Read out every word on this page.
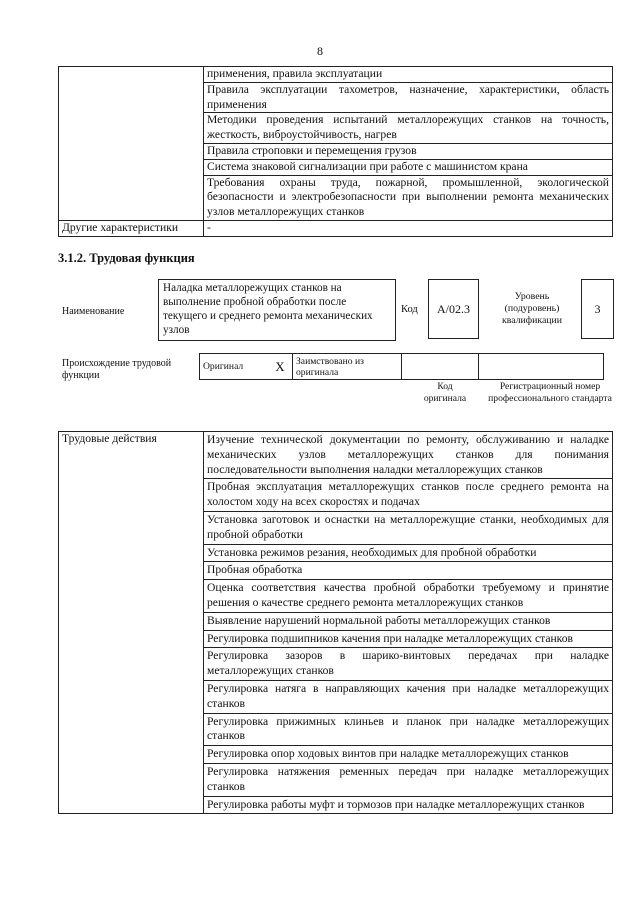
8
	применения, правила эксплуатации
	Правила эксплуатации тахометров, назначение, характеристики, область применения
	Методики проведения испытаний металлорежущих станков на точность, жесткость, виброустойчивость, нагрев
	Правила строповки и перемещения грузов
	Система знаковой сигнализации при работе с машинистом крана
	Требования охраны труда, пожарной, промышленной, экологической безопасности и электробезопасности при выполнении ремонта механических узлов металлорежущих станков
Другие характеристики	-
3.1.2. Трудовая функция
Наименование
Наладка металлорежущих станков на выполнение пробной обработки после текущего и среднего ремонта механических узлов
Код	A/02.3
Уровень (подуровень) квалификации
3
Происхождение трудовой функции
Оригинал	X	Заимствовано из оригинала		
Код оригинала
Регистрационный номер профессионального стандарта
Трудовые действия	Изучение технической документации по ремонту, обслуживанию и наладке механических узлов металлорежущих станков для понимания последовательности выполнения наладки металлорежущих станков
Пробная эксплуатация металлорежущих станков после среднего ремонта на холостом ходу на всех скоростях и подачах
Установка заготовок и оснастки на металлорежущие станки, необходимых для пробной обработки
Установка режимов резания, необходимых для пробной обработки
Пробная обработка
Оценка соответствия качества пробной обработки требуемому и принятие решения о качестве среднего ремонта металлорежущих станков
Выявление нарушений нормальной работы металлорежущих станков
Регулировка подшипников качения при наладке металлорежущих станков
Регулировка зазоров в шарико-винтовых передачах при наладке металлорежущих станков
Регулировка натяга в направляющих качения при наладке металлорежущих станков
Регулировка прижимных клиньев и планок при наладке металлорежущих станков
Регулировка опор ходовых винтов при наладке металлорежущих станков
Регулировка натяжения ременных передач при наладке металлорежущих станков
Регулировка работы муфт и тормозов при наладке металлорежущих станков
